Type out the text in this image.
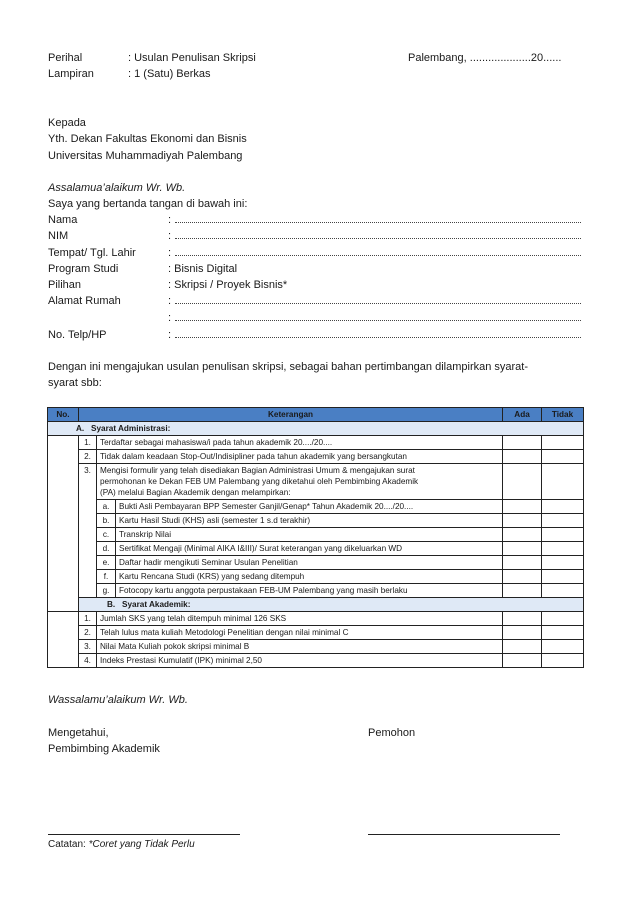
Perihal	: Usulan Penulisan Skripsi	Palembang, ....................20......
Lampiran	: 1 (Satu) Berkas
Kepada
Yth. Dekan Fakultas Ekonomi dan Bisnis
Universitas Muhammadiyah Palembang
Assalamua’alaikum Wr. Wb.
Saya yang bertanda tangan di bawah ini:
Nama	:
NIM	:
Tempat/ Tgl. Lahir	:
Program Studi	: Bisnis Digital
Pilihan	: Skripsi / Proyek Bisnis*
Alamat Rumah	:
:
No. Telp/HP	:
Dengan ini mengajukan usulan penulisan skripsi, sebagai bahan pertimbangan dilampirkan syarat-
syarat sbb:
No.	Keterangan			Ada	Tidak
A. Syarat Administrasi:					
	1.	Terdaftar sebagai mahasiswa/i pada tahun akademik 20..../20....			
	2.	Tidak dalam keadaan Stop-Out/Indisipliner pada tahun akademik yang bersangkutan			
	3.	Mengisi formulir yang telah disediakan Bagian Administrasi Umum & mengajukan surat
permohonan ke Dekan FEB UM Palembang yang diketahui oleh Pembimbing Akademik
(PA) melalui Bagian Akademik dengan melampirkan:			

		a.	Bukti Asli Pembayaran BPP Semester Ganjil/Genap* Tahun Akademik 20..../20....		
		b.	Kartu Hasil Studi (KHS) asli (semester 1 s.d terakhir)		
		c.	Transkrip Nilai		
		d.	Sertifikat Mengaji (Minimal AIKA I&III)/ Surat keterangan yang dikeluarkan WD		
		e.	Daftar hadir mengikuti Seminar Usulan Penelitian		
		f.	Kartu Rencana Studi (KRS) yang sedang ditempuh		
		g.	Fotocopy kartu anggota perpustakaan FEB-UM Palembang yang masih berlaku		
	B. Syarat Akademik:				
	1.	Jumlah SKS yang telah ditempuh minimal 126 SKS			
	2.	Telah lulus mata kuliah Metodologi Penelitian dengan nilai minimal C			
	3.	Nilai Mata Kuliah pokok skripsi minimal B			
	4.	Indeks Prestasi Kumulatif (IPK) minimal 2,50			
Wassalamu’alaikum Wr. Wb.
Mengetahui,
Pembimbing Akademik
Pemohon
Catatan: *Coret yang Tidak Perlu
